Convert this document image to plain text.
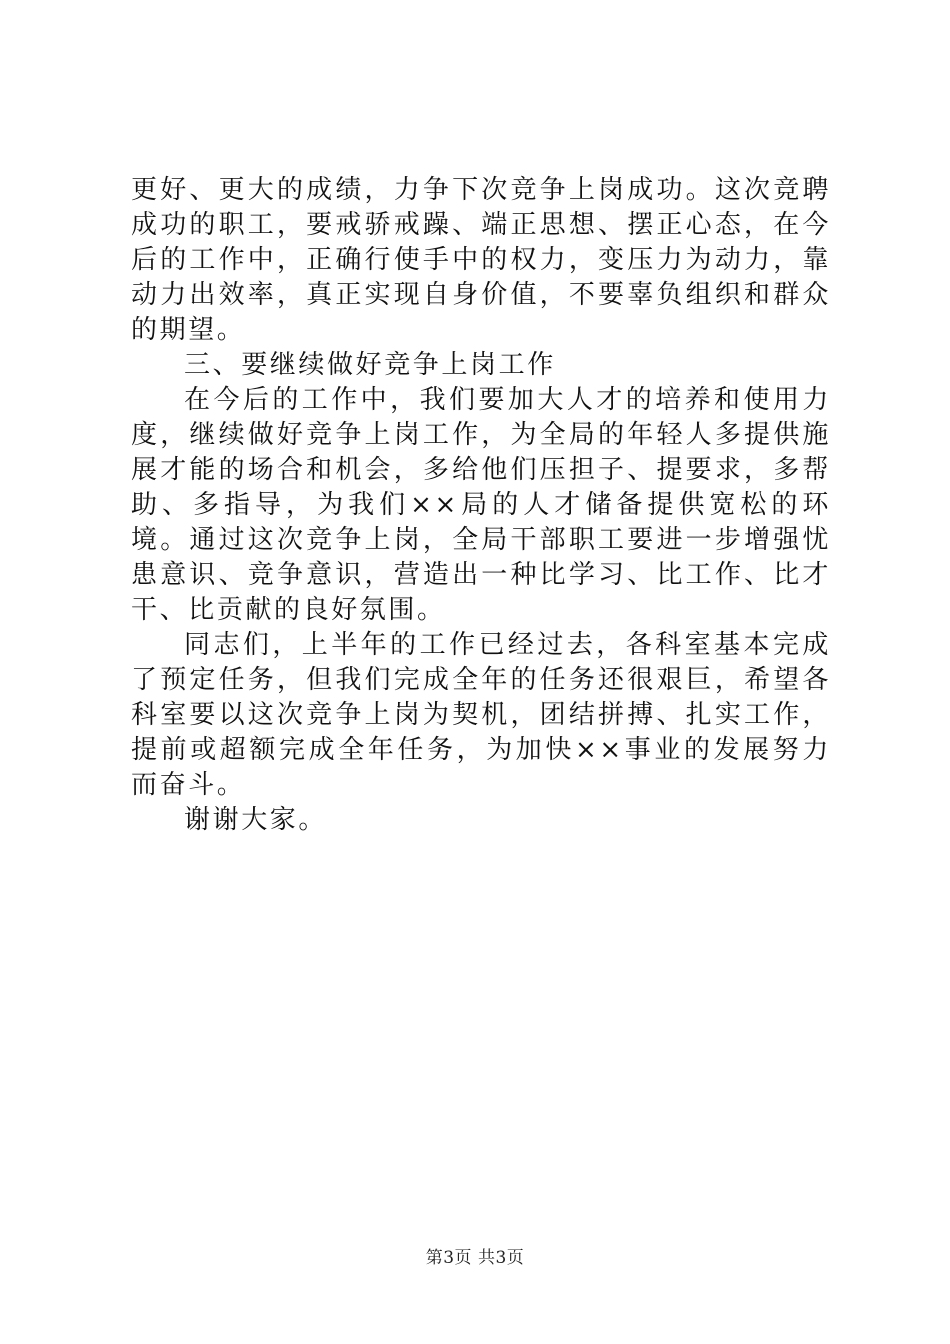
更好、更大的成绩，力争下次竞争上岗成功。这次竞聘成功的职工，要戒骄戒躁、端正思想、摆正心态，在今后的工作中，正确行使手中的权力，变压力为动力，靠动力出效率，真正实现自身价值，不要辜负组织和群众的期望。

三、要继续做好竞争上岗工作

在今后的工作中，我们要加大人才的培养和使用力度，继续做好竞争上岗工作，为全局的年轻人多提供施展才能的场合和机会，多给他们压担子、提要求，多帮助、多指导，为我们××局的人才储备提供宽松的环境。通过这次竞争上岗，全局干部职工要进一步增强忧患意识、竞争意识，营造出一种比学习、比工作、比才干、比贡献的良好氛围。

同志们，上半年的工作已经过去，各科室基本完成了预定任务，但我们完成全年的任务还很艰巨，希望各科室要以这次竞争上岗为契机，团结拼搏、扎实工作，提前或超额完成全年任务，为加快××事业的发展努力而奋斗。

谢谢大家。

第3页 共3页
